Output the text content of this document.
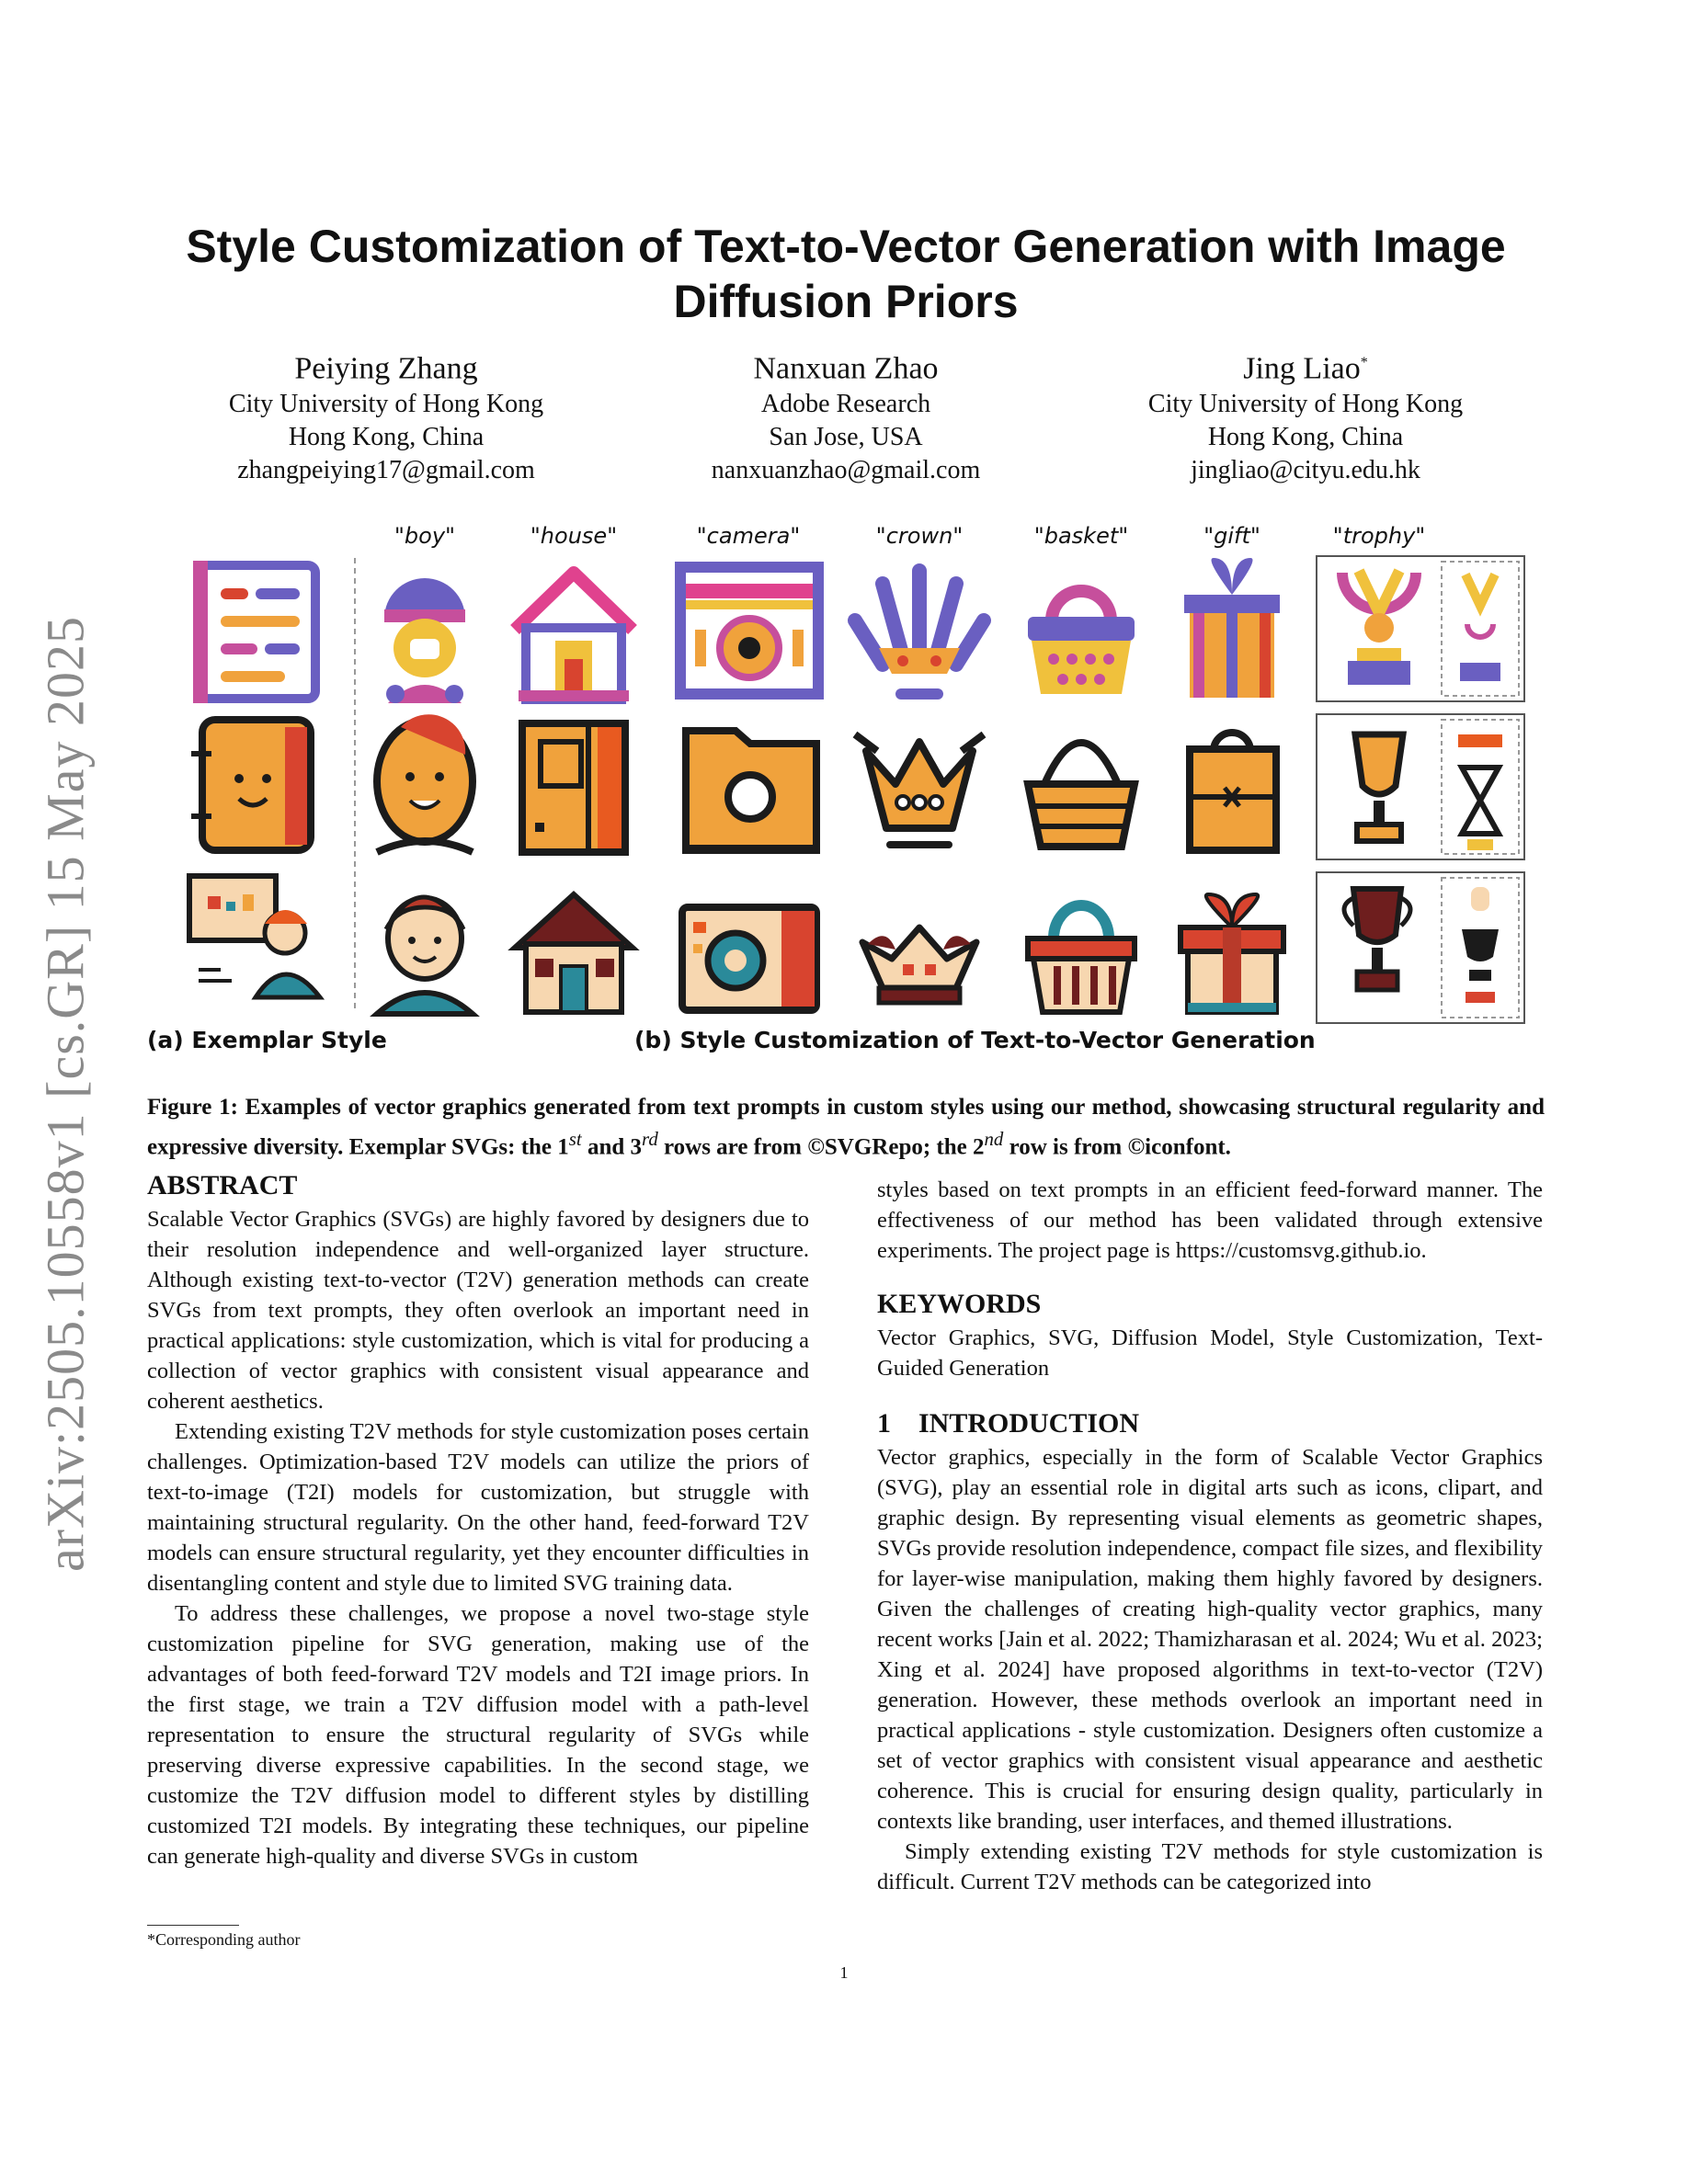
arXiv:2505.10558v1 [cs.GR] 15 May 2025
Style Customization of Text-to-Vector Generation with Image Diffusion Priors
Peiying Zhang
City University of Hong Kong
Hong Kong, China
zhangpeiying17@gmail.com
Nanxuan Zhao
Adobe Research
San Jose, USA
nanxuanzhao@gmail.com
Jing Liao*
City University of Hong Kong
Hong Kong, China
jingliao@cityu.edu.hk
"boy"	"house"	"camera"	"crown"	"basket"	"gift"	"trophy"
(a) Exemplar Style	(b) Style Customization of Text-to-Vector Generation
Figure 1: Examples of vector graphics generated from text prompts in custom styles using our method, showcasing structural regularity and expressive diversity. Exemplar SVGs: the 1st and 3rd rows are from ©SVGRepo; the 2nd row is from ©iconfont.
ABSTRACT

Scalable Vector Graphics (SVGs) are highly favored by designers due to their resolution independence and well-organized layer structure. Although existing text-to-vector (T2V) generation methods can create SVGs from text prompts, they often overlook an important need in practical applications: style customization, which is vital for producing a collection of vector graphics with consistent visual appearance and coherent aesthetics.

Extending existing T2V methods for style customization poses certain challenges. Optimization-based T2V models can utilize the priors of text-to-image (T2I) models for customization, but struggle with maintaining structural regularity. On the other hand, feed-forward T2V models can ensure structural regularity, yet they encounter difficulties in disentangling content and style due to limited SVG training data.

To address these challenges, we propose a novel two-stage style customization pipeline for SVG generation, making use of the advantages of both feed-forward T2V models and T2I image priors. In the first stage, we train a T2V diffusion model with a path-level representation to ensure the structural regularity of SVGs while preserving diverse expressive capabilities. In the second stage, we customize the T2V diffusion model to different styles by distilling customized T2I models. By integrating these techniques, our pipeline can generate high-quality and diverse SVGs in custom

styles based on text prompts in an efficient feed-forward manner. The effectiveness of our method has been validated through extensive experiments. The project page is https://customsvg.github.io.

KEYWORDS

Vector Graphics, SVG, Diffusion Model, Style Customization, Text-Guided Generation

1    INTRODUCTION

Vector graphics, especially in the form of Scalable Vector Graphics (SVG), play an essential role in digital arts such as icons, clipart, and graphic design. By representing visual elements as geometric shapes, SVGs provide resolution independence, compact file sizes, and flexibility for layer-wise manipulation, making them highly favored by designers. Given the challenges of creating high-quality vector graphics, many recent works [Jain et al. 2022; Thamizharasan et al. 2024; Wu et al. 2023; Xing et al. 2024] have proposed algorithms in text-to-vector (T2V) generation. However, these methods overlook an important need in practical applications - style customization. Designers often customize a set of vector graphics with consistent visual appearance and aesthetic coherence. This is crucial for ensuring design quality, particularly in contexts like branding, user interfaces, and themed illustrations.

Simply extending existing T2V methods for style customization is difficult. Current T2V methods can be categorized into

*Corresponding author
1
